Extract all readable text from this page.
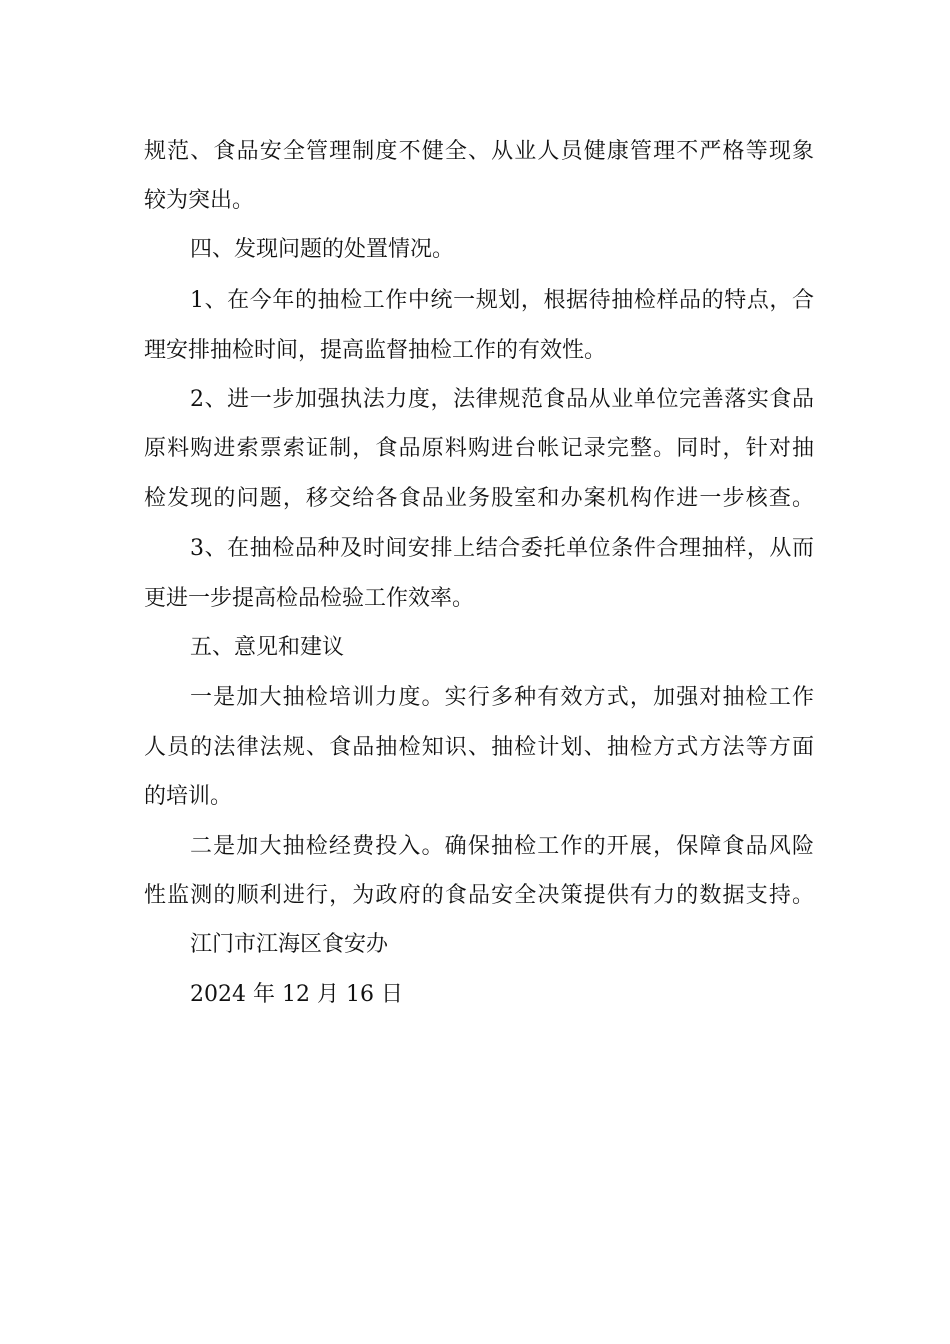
规范、食品安全管理制度不健全、从业人员健康管理不严格等现象
较为突出。
四、发现问题的处置情况。
1、在今年的抽检工作中统一规划，根据待抽检样品的特点，合
理安排抽检时间，提高监督抽检工作的有效性。
2、进一步加强执法力度，法律规范食品从业单位完善落实食品
原料购进索票索证制，食品原料购进台帐记录完整。同时，针对抽
检发现的问题，移交给各食品业务股室和办案机构作进一步核查。
3、在抽检品种及时间安排上结合委托单位条件合理抽样，从而
更进一步提高检品检验工作效率。
五、意见和建议
一是加大抽检培训力度。实行多种有效方式，加强对抽检工作
人员的法律法规、食品抽检知识、抽检计划、抽检方式方法等方面
的培训。
二是加大抽检经费投入。确保抽检工作的开展，保障食品风险
性监测的顺利进行，为政府的食品安全决策提供有力的数据支持。
江门市江海区食安办
2024 年 12 月 16 日
